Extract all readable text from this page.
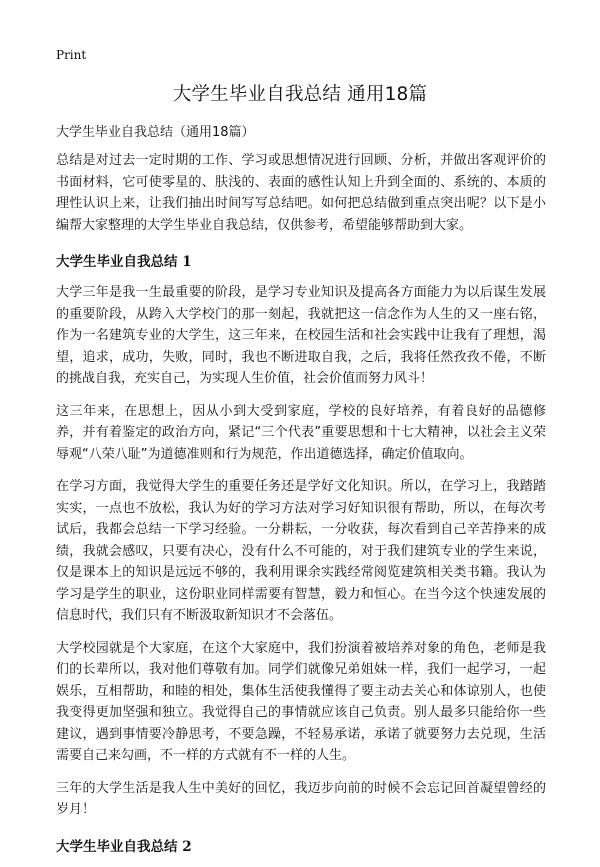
Print
大学生毕业自我总结 通用18篇

大学生毕业自我总结（通用18篇）

总结是对过去一定时期的工作、学习或思想情况进行回顾、分析，并做出客观评价的书面材料，它可使零星的、肤浅的、表面的感性认知上升到全面的、系统的、本质的理性认识上来，让我们抽出时间写写总结吧。如何把总结做到重点突出呢？以下是小编帮大家整理的大学生毕业自我总结，仅供参考，希望能够帮助到大家。

大学生毕业自我总结 1

大学三年是我一生最重要的阶段，是学习专业知识及提高各方面能力为以后谋生发展的重要阶段，从跨入大学校门的那一刻起，我就把这一信念作为人生的又一座右铭，作为一名建筑专业的大学生，这三年来，在校园生活和社会实践中让我有了理想，渴望，追求，成功，失败，同时，我也不断进取自我，之后，我将任然孜孜不倦，不断的挑战自我，充实自己，为实现人生价值，社会价值而努力风斗！

这三年来，在思想上，因从小到大受到家庭，学校的良好培养，有着良好的品德修养，并有着鉴定的政治方向，紧记“三个代表”重要思想和十七大精神，以社会主义荣辱观“八荣八耻”为道德准则和行为规范，作出道德选择，确定价值取向。

在学习方面，我觉得大学生的重要任务还是学好文化知识。所以，在学习上，我踏踏实实，一点也不放松，我认为好的学习方法对学习好知识很有帮助，所以，在每次考试后，我都会总结一下学习经验。一分耕耘，一分收获，每次看到自己辛苦挣来的成绩，我就会感叹，只要有决心，没有什么不可能的，对于我们建筑专业的学生来说，仅是课本上的知识是远远不够的，我利用课余实践经常阅览建筑相关类书籍。我认为学习是学生的职业，这份职业同样需要有智慧，毅力和恒心。在当今这个快速发展的信息时代，我们只有不断汲取新知识才不会落伍。

大学校园就是个大家庭，在这个大家庭中，我们扮演着被培养对象的角色，老师是我们的长辈所以，我对他们尊敬有加。同学们就像兄弟姐妹一样，我们一起学习，一起娱乐，互相帮助，和睦的相处，集体生活使我懂得了要主动去关心和体谅别人，也使我变得更加坚强和独立。我觉得自己的事情就应该自己负责。别人最多只能给你一些建议，遇到事情要冷静思考，不要急躁，不轻易承诺，承诺了就要努力去兑现，生活需要自己来勾画，不一样的方式就有不一样的人生。

三年的大学生活是我人生中美好的回忆，我迈步向前的时候不会忘记回首凝望曾经的岁月！

大学生毕业自我总结 2
